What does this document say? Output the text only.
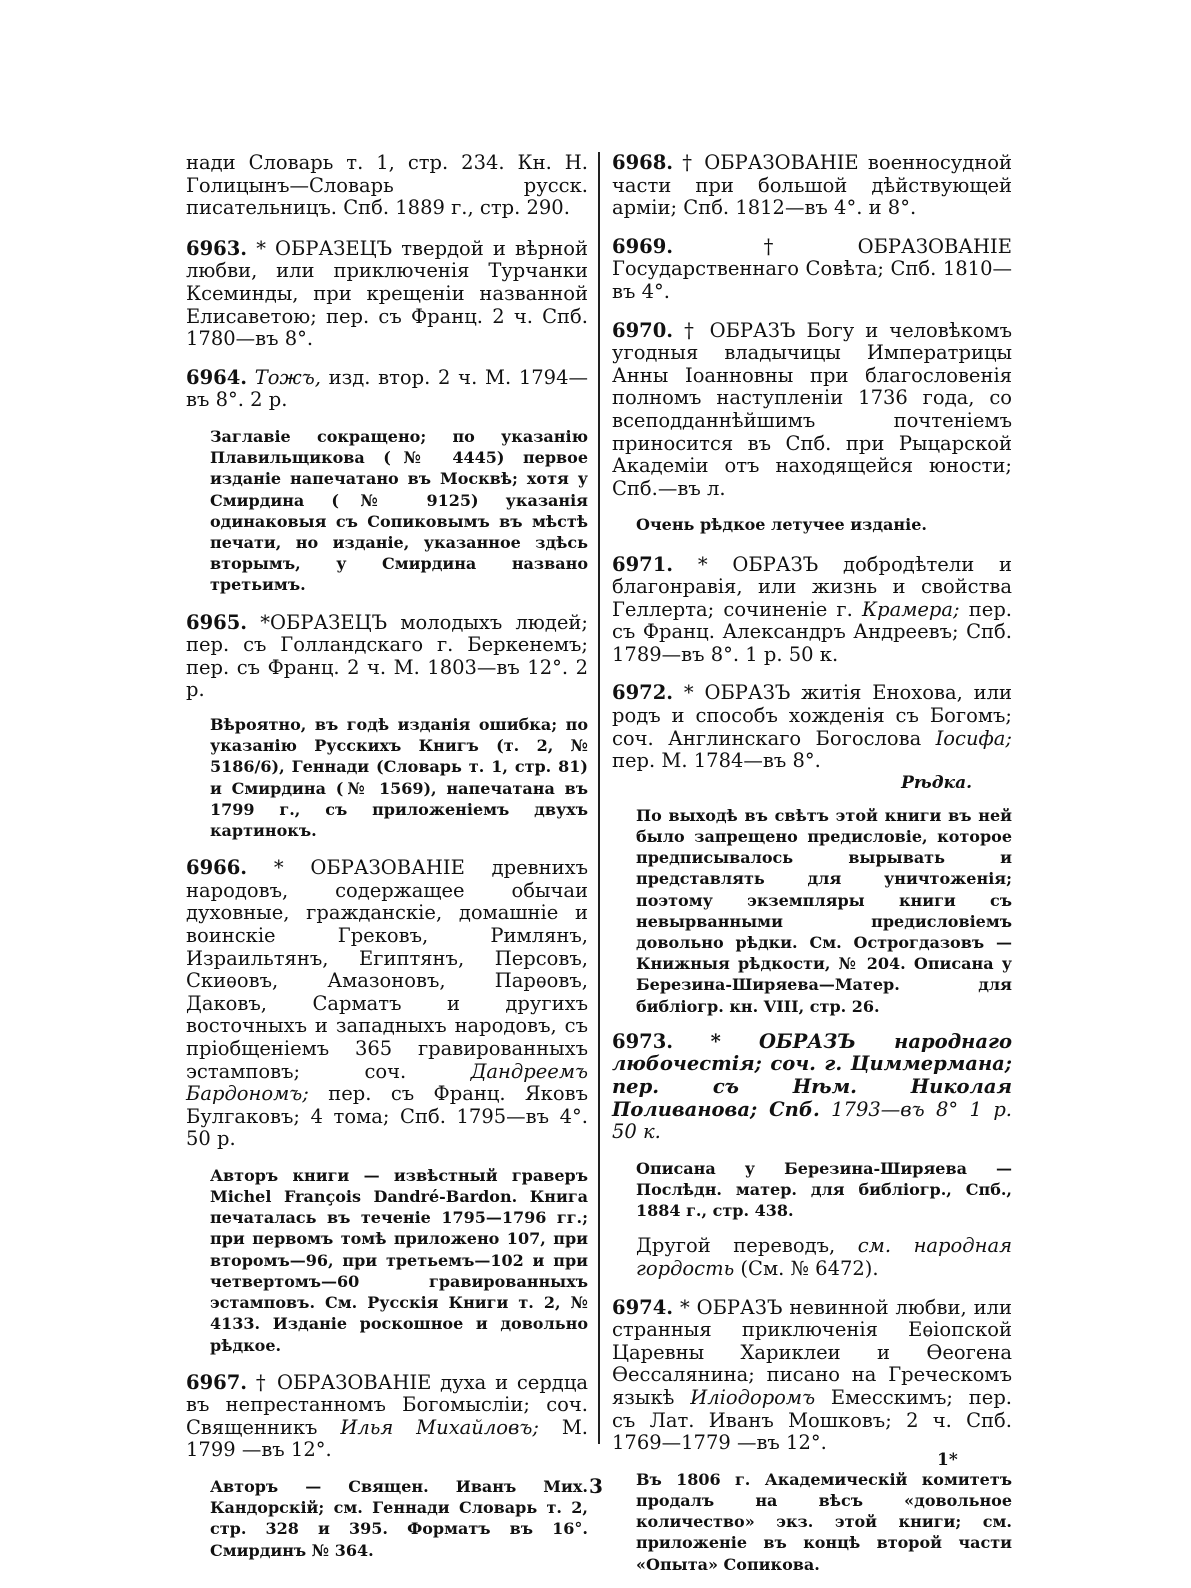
нади Словарь т. 1, стр. 234. Кн. Н. Голицынъ—Словарь русск. писательницъ. Спб. 1889 г., стр. 290.

6963. * ОБРАЗЕЦЪ твердой и вѣрной любви, или приключенія Турчанки Ксеминды, при крещеніи названной Елисаветою; пер. съ Франц. 2 ч. Спб. 1780—въ 8°.

6964. Тожъ, изд. втор. 2 ч. М. 1794—въ 8°. 2 р.

Заглавіе сокращено; по указанію Плавильщикова (№ 4445) первое изданіе напечатано въ Москвѣ; хотя у Смирдина (№ 9125) указанія одинаковыя съ Сопиковымъ въ мѣстѣ печати, но изданіе, указанное здѣсь вторымъ, у Смирдина названо третьимъ.

6965. *ОБРАЗЕЦЪ молодыхъ людей; пер. съ Голландскаго г. Беркенемъ; пер. съ Франц. 2 ч. М. 1803—въ 12°. 2 р.

Вѣроятно, въ годѣ изданія ошибка; по указанію Русскихъ Книгъ (т. 2, № 5186/6), Геннади (Словарь т. 1, стр. 81) и Смирдина (№ 1569), напечатана въ 1799 г., съ приложеніемъ двухъ картинокъ.

6966. * ОБРАЗОВАНІЕ древнихъ народовъ, содержащее обычаи духовные, гражданскіе, домашніе и воинскіе Грековъ, Римлянъ, Израильтянъ, Египтянъ, Персовъ, Скиѳовъ, Амазоновъ, Парѳовъ, Даковъ, Сарматъ и другихъ восточныхъ и западныхъ народовъ, съ пріобщеніемъ 365 гравированныхъ эстамповъ; соч.	Дандреемъ Бардономъ; пер. съ Франц. Яковъ Булгаковъ; 4 тома; Спб. 1795—въ 4°. 50 р.

Авторъ книги — извѣстный граверъ Michel François Dandré-Bardon. Книга печаталась въ теченіе 1795—1796 гг.; при первомъ томѣ приложено 107, при второмъ—96, при третьемъ—102 и при четвертомъ—60 гравированныхъ эстамповъ. См. Русскія Книги т. 2, № 4133. Изданіе роскошное и довольно рѣдкое.

6967. † ОБРАЗОВАНІЕ духа и сердца въ непрестанномъ Богомысліи; соч. Священникъ Илья Михайловъ; М. 1799 —въ 12°.

Авторъ — Священ. Иванъ Мих. Кандорскій; см. Геннади Словарь т. 2, стр. 328 и 395. Форматъ въ 16°. Смирдинъ № 364.

6968. † ОБРАЗОВАНІЕ военносудной части при большой дѣйствующей арміи; Спб. 1812—въ 4°. и 8°.

6969.	†ОБРАЗОВАНІЕ Государственнаго Совѣта; Спб. 1810—въ 4°.

6970. † ОБРАЗЪ Богу и человѣкомъ угодныя владычицы Императрицы Анны Іоанновны при благословенія полномъ наступленіи 1736 года, со всеподданнѣйшимъ почтеніемъ приносится въ Спб. при Рыцарской Академіи отъ находящейся юности; Спб.—въ л.

Очень рѣдкое летучее изданіе.

6971. * ОБРАЗЪ добродѣтели и благонравія, или жизнь и свойства Геллерта; сочиненіе г. Крамера; пер. съ Франц. Александръ Андреевъ; Спб. 1789—въ 8°. 1 р. 50 к.

6972. * ОБРАЗЪ житія Енохова, или родъ и способъ хожденія съ Богомъ; соч. Англинскаго Богослова Іосифа; пер. М. 1784—въ 8°.

Рѣдка.

По выходѣ въ свѣтъ этой книги въ ней было запрещено предисловіе, которое предписывалось вырывать и представлять для уничтоженія; поэтому экземпляры книги съ невырванными предисловіемъ довольно рѣдки. См. Острогдазовъ — Книжныя рѣдкости, № 204. Описана у Березина-Ширяева—Матер. для библіогр. кн. VIII, стр. 26.

6973. * ОБРАЗЪ народнаго любочестія; соч. г. Циммермана; пер. съ Нѣм. Николая Поливанова; Спб. 1793—въ 8° 1 р. 50 к.

Описана у Березина-Ширяева — Послѣдн. матер. для библіогр., Спб., 1884 г., стр. 438.

Другой переводъ, см. народная гордость (См. № 6472).

6974. * ОБРАЗЪ невинной любви, или странныя приключенія Еѳіопской Царевны Хариклеи и Ѳеогена Ѳессалянина; писано на Греческомъ языкѣ Иліодоромъ Емесскимъ; пер. съ Лат. Иванъ Мошковъ; 2 ч. Спб. 1769—1779 —въ 12°.

Въ 1806 г. Академическій комитетъ продалъ на вѣсъ «довольное количество» экз. этой книги; см. приложеніе въ концѣ второй части «Опыта» Сопикова.

1*
3
